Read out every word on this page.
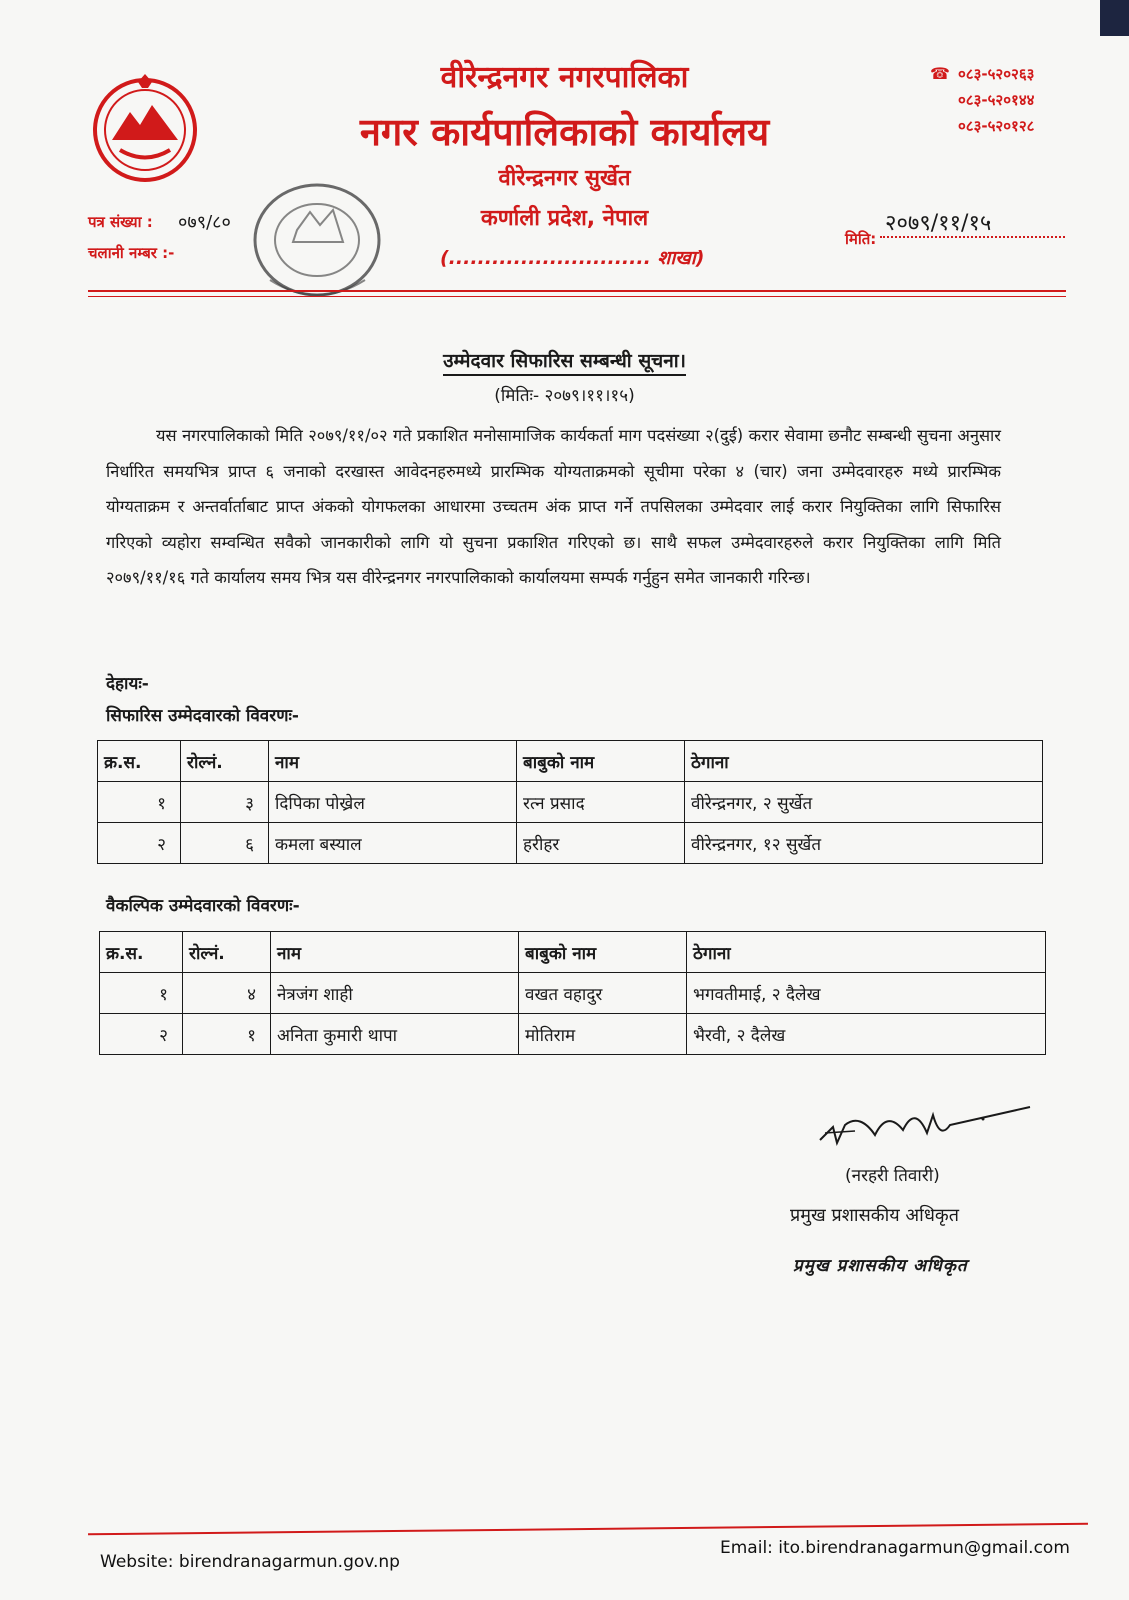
वीरेन्द्रनगर नगरपालिका
नगर कार्यपालिकाको कार्यालय
वीरेन्द्रनगर सुर्खेत
कर्णाली प्रदेश, नेपाल
(............................ शाखा)
☎ ०८३-५२०२६३
०८३-५२०१४४
०८३-५२०१२८
पत्र संख्या : ०७९/८०
चलानी नम्बर :-
मिति:
२०७९/११/१५
उम्मेदवार सिफारिस सम्बन्धी सूचना।
(मितिः- २०७९।११।१५)
यस नगरपालिकाको मिति २०७९/११/०२ गते प्रकाशित मनोसामाजिक कार्यकर्ता माग पदसंख्या २(दुई) करार सेवामा छनौट सम्बन्धी सुचना अनुसार निर्धारित समयभित्र प्राप्त ६ जनाको दरखास्त आवेदनहरुमध्ये प्रारम्भिक योग्यताक्रमको सूचीमा परेका ४ (चार) जना उम्मेदवारहरु मध्ये प्रारम्भिक योग्यताक्रम र अन्तर्वार्ताबाट प्राप्त अंकको योगफलका आधारमा उच्चतम अंक प्राप्त गर्ने तपसिलका उम्मेदवार लाई करार नियुक्तिका लागि सिफारिस गरिएको व्यहोरा सम्वन्धित सवैको जानकारीको लागि यो सुचना प्रकाशित गरिएको छ। साथै सफल उम्मेदवारहरुले करार नियुक्तिका लागि मिति २०७९/११/१६ गते कार्यालय समय भित्र यस वीरेन्द्रनगर नगरपालिकाको कार्यालयमा सम्पर्क गर्नुहुन समेत जानकारी गरिन्छ।
देहायः-
सिफारिस उम्मेदवारको विवरणः-
क्र.स.	रोल्नं.	नाम	बाबुको नाम	ठेगाना
१	३	दिपिका पोख्रेल	रत्न प्रसाद	वीरेन्द्रनगर, २ सुर्खेत
२	६	कमला बस्याल	हरीहर	वीरेन्द्रनगर, १२ सुर्खेत
वैकल्पिक उम्मेदवारको विवरणः-
क्र.स.	रोल्नं.	नाम	बाबुको नाम	ठेगाना
१	४	नेत्रजंग शाही	वखत वहादुर	भगवतीमाई, २ दैलेख
२	१	अनिता कुमारी थापा	मोतिराम	भैरवी, २ दैलेख
(नरहरी तिवारी)
प्रमुख प्रशासकीय अधिकृत
प्रमुख प्रशासकीय अधिकृत
Website: birendranagarmun.gov.np
Email: ito.birendranagarmun@gmail.com
